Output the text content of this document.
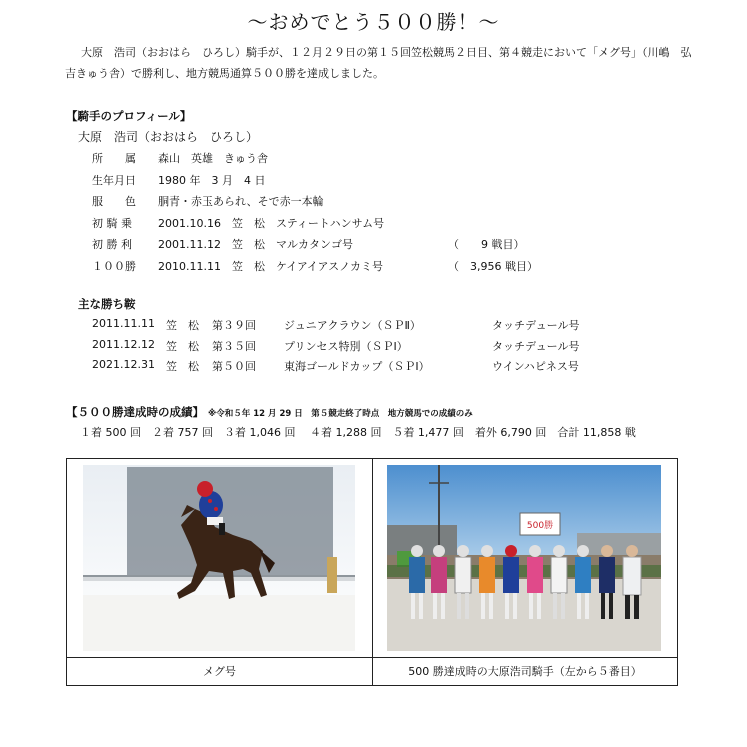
〜おめでとう５００勝！〜
大原　浩司（おおはら　ひろし）騎手が、１２月２９日の第１５回笠松競馬２日目、第４競走において「メグ号」（川嶋　弘吉きゅう舎）で勝利し、地方競馬通算５００勝を達成しました。
【騎手のプロフィール】
大原　浩司（おおはら　ひろし）
所　　属 森山　英雄　きゅう舎
生年月日 1980 年　3 月　4 日
服　　色 胴青・赤玉あられ、そで赤一本輪
初 騎 乗 2001.10.16　笠　松　スティートハンサム号
初 勝 利 2001.11.12　笠　松　マルカタンゴ号	（　　9 戦目）
１００勝 2010.11.11　笠　松　ケイアイアスノカミ号	（　3,956 戦目）
主な勝ち鞍
2011.11.11 笠　松 第３９回	ジュニアクラウン（ＳＰⅡ）	タッチデュール号
2011.12.12 笠　松 第３５回	プリンセス特別（ＳＰⅠ）	タッチデュール号
2021.12.31 笠　松 第５０回	東海ゴールドカップ（ＳＰⅠ）	ウインハピネス号
【５００勝達成時の成績】 ※令和５年 12 月 29 日　第５競走終了時点　地方競馬での成績のみ
１着 500 回　２着 757 回　３着 1,046 回　 ４着 1,288 回　５着 1,477 回　着外 6,790 回　合計 11,858 戦
500勝
メグ号	500 勝達成時の大原浩司騎手（左から５番目）
